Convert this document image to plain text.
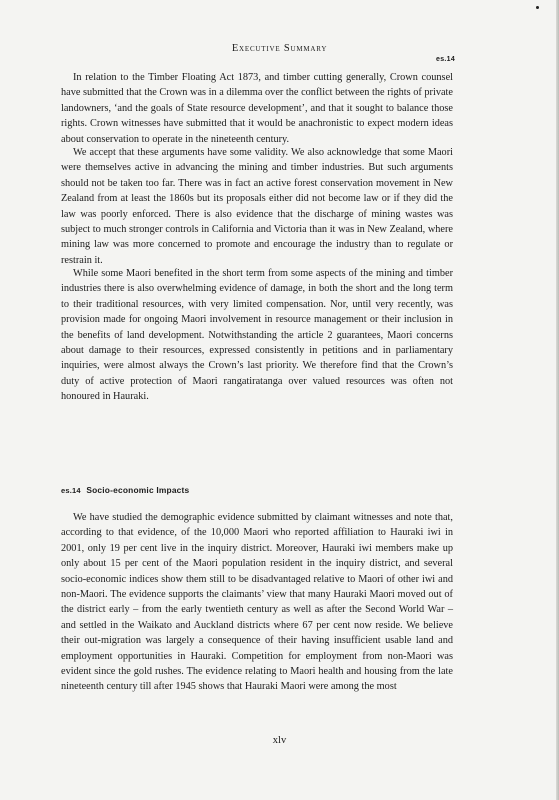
Executive Summary
es.14

In relation to the Timber Floating Act 1873, and timber cutting generally, Crown counsel have submitted that the Crown was in a dilemma over the conflict between the rights of private landowners, ‘and the goals of State resource development’, and that it sought to balance those rights. Crown witnesses have submitted that it would be anachronistic to expect modern ideas about conservation to operate in the nineteenth century.

We accept that these arguments have some validity. We also acknowledge that some Maori were themselves active in advancing the mining and timber industries. But such arguments should not be taken too far. There was in fact an active forest conservation movement in New Zealand from at least the 1860s but its proposals either did not become law or if they did the law was poorly enforced. There is also evidence that the discharge of mining wastes was subject to much stronger controls in California and Victoria than it was in New Zealand, where mining law was more concerned to promote and encourage the industry than to regulate or restrain it.

While some Maori benefited in the short term from some aspects of the mining and timber industries there is also overwhelming evidence of damage, in both the short and the long term to their traditional resources, with very limited compensation. Nor, until very recently, was provision made for ongoing Maori involvement in resource management or their inclusion in the benefits of land development. Notwithstanding the article 2 guarantees, Maori concerns about damage to their resources, expressed consistently in petitions and in parliamentary inquiries, were almost always the Crown’s last priority. We therefore find that the Crown’s duty of active protection of Maori rangatiratanga over valued resources was often not honoured in Hauraki.

es.14 Socio-economic Impacts

We have studied the demographic evidence submitted by claimant witnesses and note that, according to that evidence, of the 10,000 Maori who reported affiliation to Hauraki iwi in 2001, only 19 per cent live in the inquiry district. Moreover, Hauraki iwi members make up only about 15 per cent of the Maori population resident in the inquiry district, and several socio-economic indices show them still to be disadvantaged relative to Maori of other iwi and non-Maori. The evidence supports the claimants’ view that many Hauraki Maori moved out of the district early – from the early twentieth century as well as after the Second World War – and settled in the Waikato and Auckland districts where 67 per cent now reside. We believe their out-migration was largely a consequence of their having insufficient usable land and employment opportunities in Hauraki. Competition for employment from non-Maori was evident since the gold rushes. The evidence relating to Maori health and housing from the late nineteenth century till after 1945 shows that Hauraki Maori were among the most

xlv
